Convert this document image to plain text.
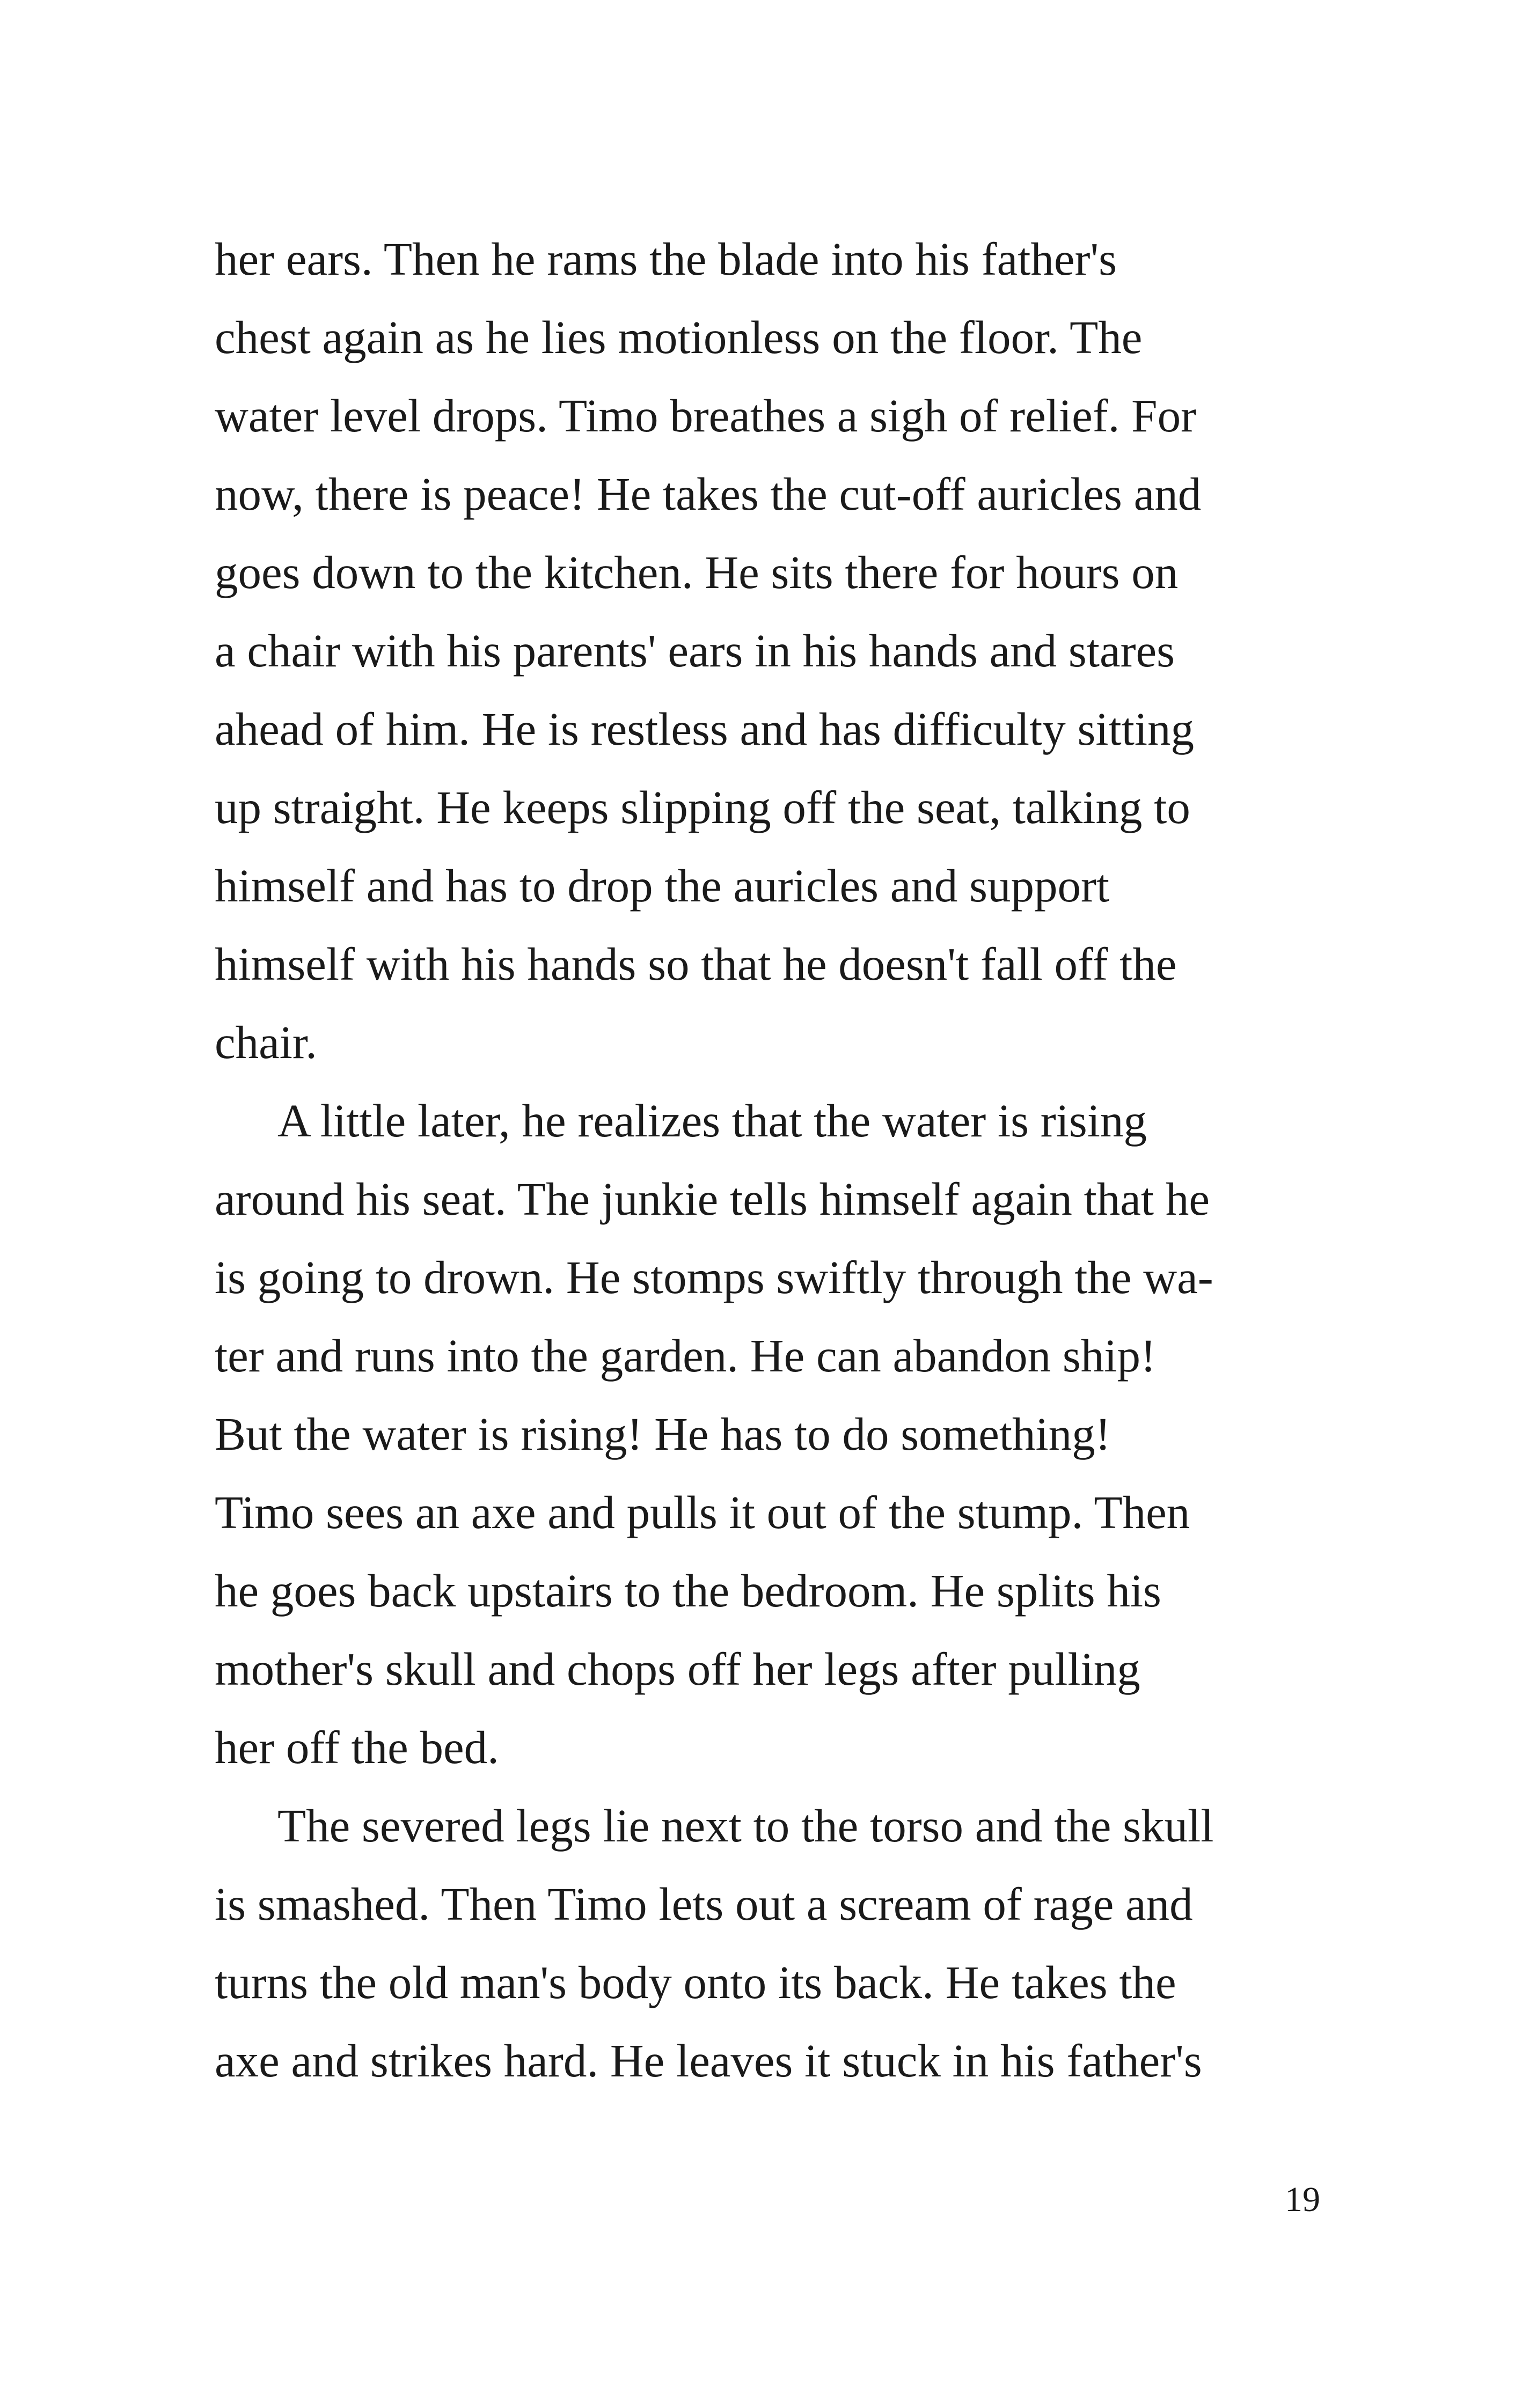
her ears. Then he rams the blade into his father's
chest again as he lies motionless on the floor. The
water level drops. Timo breathes a sigh of relief. For
now, there is peace! He takes the cut-off auricles and
goes down to the kitchen. He sits there for hours on
a chair with his parents' ears in his hands and stares
ahead of him. He is restless and has difficulty sitting
up straight. He keeps slipping off the seat, talking to
himself and has to drop the auricles and support
himself with his hands so that he doesn't fall off the
chair.
A little later, he realizes that the water is rising
around his seat. The junkie tells himself again that he
is going to drown. He stomps swiftly through the wa-
ter and runs into the garden. He can abandon ship!
But the water is rising! He has to do something!
Timo sees an axe and pulls it out of the stump. Then
he goes back upstairs to the bedroom. He splits his
mother's skull and chops off her legs after pulling
her off the bed.
The severed legs lie next to the torso and the skull
is smashed. Then Timo lets out a scream of rage and
turns the old man's body onto its back. He takes the
axe and strikes hard. He leaves it stuck in his father's
19
